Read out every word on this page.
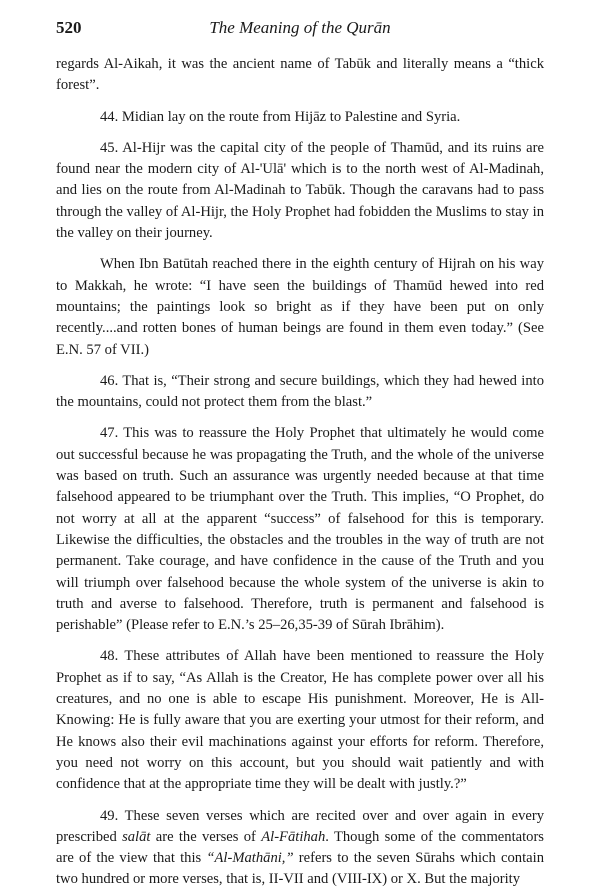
520	The Meaning of the Qurān

regards Al-Aikah, it was the ancient name of Tabūk and literally means a “thick forest”.

44. Midian lay on the route from Hijāz to Palestine and Syria.

45. Al-Hijr was the capital city of the people of Thamūd, and its ruins are found near the modern city of Al-'Ulā' which is to the north west of Al-Madinah, and lies on the route from Al-Madinah to Tabūk. Though the caravans had to pass through the valley of Al-Hijr, the Holy Prophet had fobidden the Muslims to stay in the valley on their journey.

When Ibn Batūtah reached there in the eighth century of Hijrah on his way to Makkah, he wrote: “I have seen the buildings of Thamūd hewed into red mountains; the paintings look so bright as if they have been put on only recently....and rotten bones of human beings are found in them even today.” (See E.N. 57 of VII.)

46. That is, “Their strong and secure buildings, which they had hewed into the mountains, could not protect them from the blast.”

47. This was to reassure the Holy Prophet that ultimately he would come out successful because he was propagating the Truth, and the whole of the universe was based on truth. Such an assurance was urgently needed because at that time falsehood appeared to be triumphant over the Truth. This implies, “O Prophet, do not worry at all at the apparent “success” of falsehood for this is temporary. Likewise the difficulties, the obstacles and the troubles in the way of truth are not permanent. Take courage, and have confidence in the cause of the Truth and you will triumph over falsehood because the whole system of the universe is akin to truth and averse to falsehood. Therefore, truth is permanent and falsehood is perishable” (Please refer to E.N.’s 25–26,35-39 of Sūrah Ibrāhim).

48. These attributes of Allah have been mentioned to reassure the Holy Prophet as if to say, “As Allah is the Creator, He has complete power over all his creatures, and no one is able to escape His punishment. Moreover, He is All-Knowing: He is fully aware that you are exerting your utmost for their reform, and He knows also their evil machinations against your efforts for reform. Therefore, you need not worry on this account, but you should wait patiently and with confidence that at the appropriate time they will be dealt with justly.?”

49. These seven verses which are recited over and over again in every prescribed salāt are the verses of Al-Fātihah. Though some of the commentators are of the view that this “Al-Mathāni,” refers to the seven Sūrahs which contain two hundred or more verses, that is, II-VII and (VIII-IX) or X. But the majority
